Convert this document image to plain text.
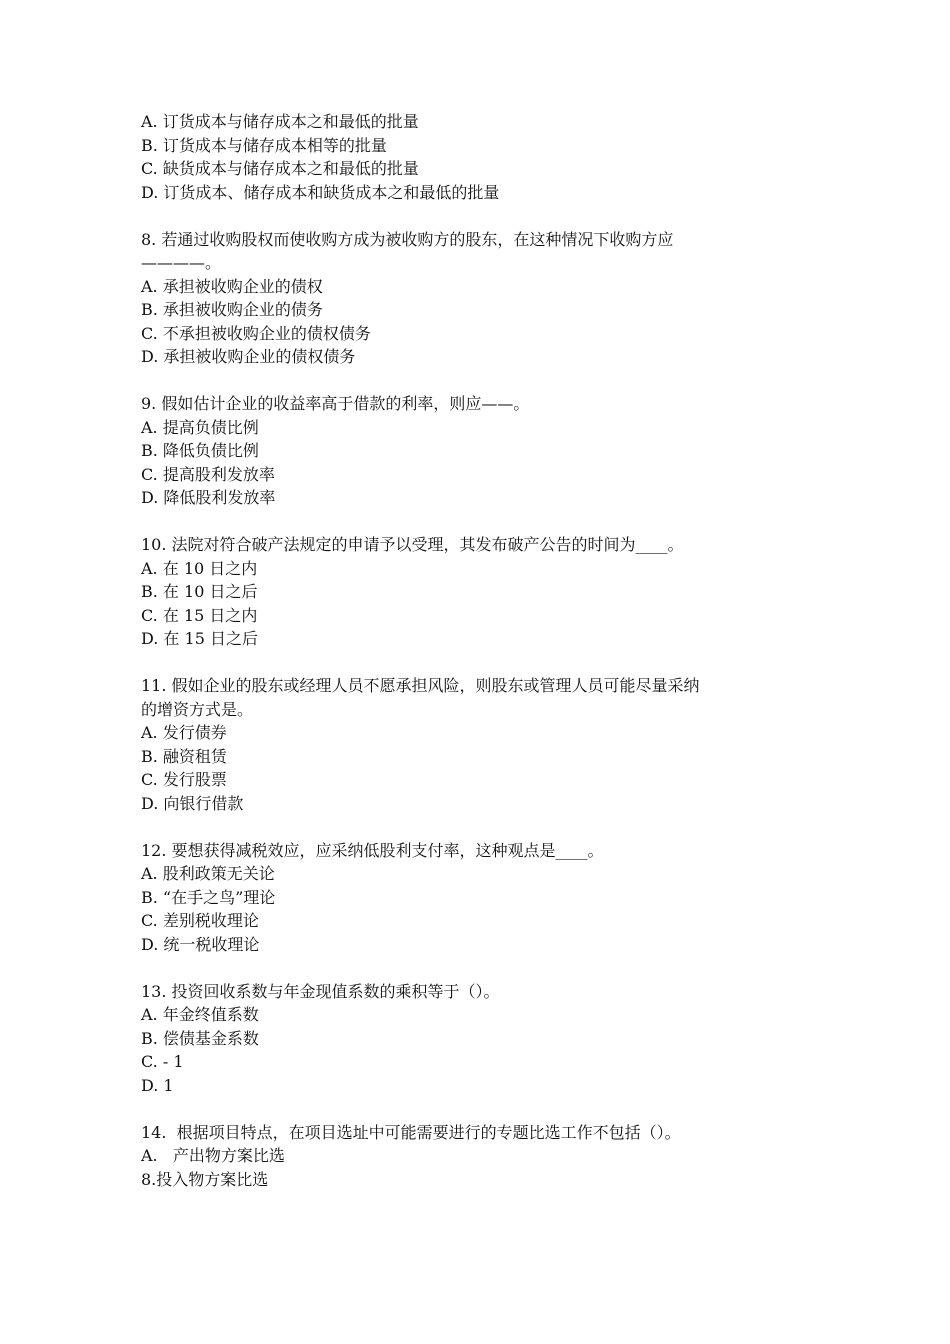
A. 订货成本与储存成本之和最低的批量
B. 订货成本与储存成本相等的批量
C. 缺货成本与储存成本之和最低的批量
D. 订货成本、储存成本和缺货成本之和最低的批量
8. 若通过收购股权而使收购方成为被收购方的股东，在这种情况下收购方应
————。
A. 承担被收购企业的债权
B. 承担被收购企业的债务
C. 不承担被收购企业的债权债务
D. 承担被收购企业的债权债务
9. 假如估计企业的收益率高于借款的利率，则应——。
A. 提高负债比例
B. 降低负债比例
C. 提高股利发放率
D. 降低股利发放率
10. 法院对符合破产法规定的申请予以受理，其发布破产公告的时间为____。
A. 在 10 日之内
B. 在 10 日之后
C. 在 15 日之内
D. 在 15 日之后
11. 假如企业的股东或经理人员不愿承担风险，则股东或管理人员可能尽量采纳
的增资方式是。
A. 发行债券
B. 融资租赁
C. 发行股票
D. 向银行借款
12. 要想获得减税效应，应采纳低股利支付率，这种观点是____。
A. 股利政策无关论
B. “在手之鸟”理论
C. 差别税收理论
D. 统一税收理论
13. 投资回收系数与年金现值系数的乘积等于（）。
A. 年金终值系数
B. 偿债基金系数
C. - 1
D. 1
14.  根据项目特点，在项目选址中可能需要进行的专题比选工作不包括（）。
A.   产出物方案比选
8.投入物方案比选
